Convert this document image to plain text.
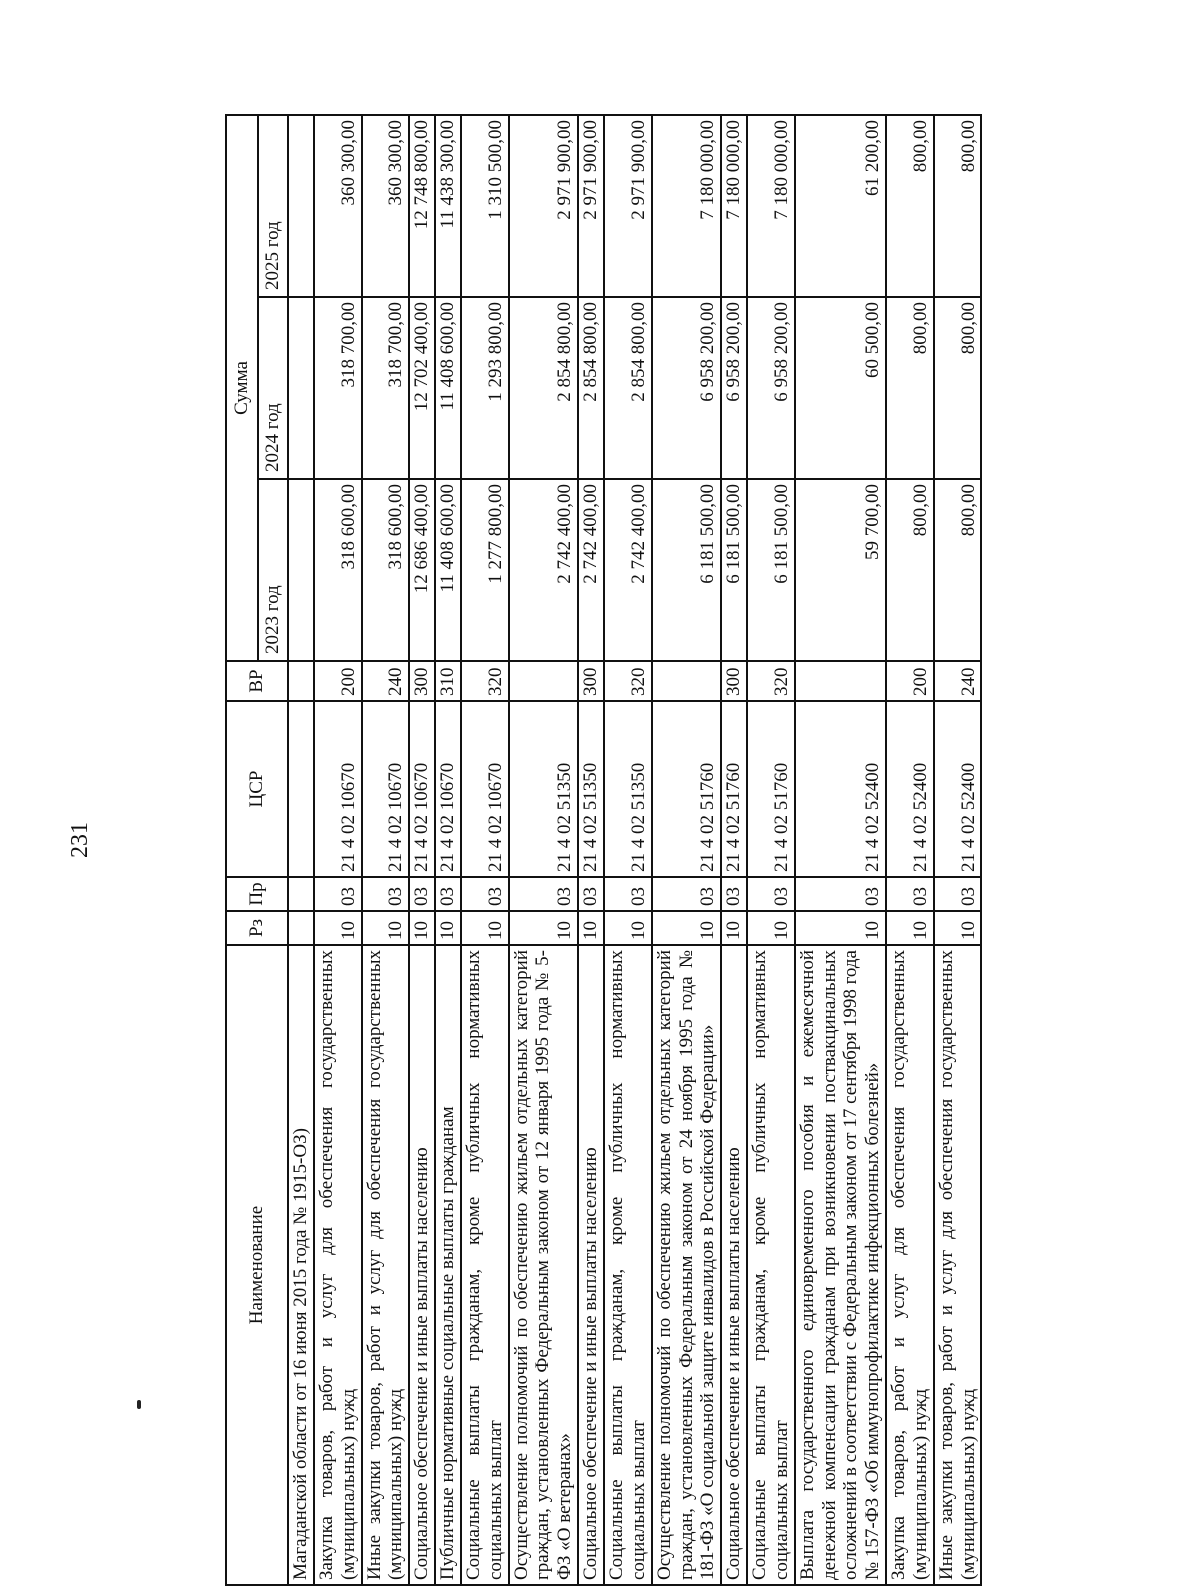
231
Наименование	Рз	Пр	ЦСР	ВР	Сумма		
					2023 год	2024 год	2025 год
Магаданской области от 16 июня 2015 года № 1915-ОЗ)							
Закупка товаров, работ и услуг для обеспечения государственных (муниципальных) нужд	10	03	21 4 02 10670	200	318 600,00	318 700,00	360 300,00
Иные закупки товаров, работ и услуг для обеспечения государственных (муниципальных) нужд	10	03	21 4 02 10670	240	318 600,00	318 700,00	360 300,00
Социальное обеспечение и иные выплаты населению	10	03	21 4 02 10670	300	12 686 400,00	12 702 400,00	12 748 800,00
Публичные нормативные социальные выплаты гражданам	10	03	21 4 02 10670	310	11 408 600,00	11 408 600,00	11 438 300,00
Социальные выплаты гражданам, кроме публичных нормативных социальных выплат	10	03	21 4 02 10670	320	1 277 800,00	1 293 800,00	1 310 500,00
Осуществление полномочий по обеспечению жильем отдельных категорий граждан, установленных Федеральным законом от 12 января 1995 года № 5-ФЗ «О ветеранах»	10	03	21 4 02 51350		2 742 400,00	2 854 800,00	2 971 900,00
Социальное обеспечение и иные выплаты населению	10	03	21 4 02 51350	300	2 742 400,00	2 854 800,00	2 971 900,00
Социальные выплаты гражданам, кроме публичных нормативных социальных выплат	10	03	21 4 02 51350	320	2 742 400,00	2 854 800,00	2 971 900,00
Осуществление полномочий по обеспечению жильем отдельных категорий граждан, установленных Федеральным законом от 24 ноября 1995 года № 181-ФЗ «О социальной защите инвалидов в Российской Федерации»	10	03	21 4 02 51760		6 181 500,00	6 958 200,00	7 180 000,00
Социальное обеспечение и иные выплаты населению	10	03	21 4 02 51760	300	6 181 500,00	6 958 200,00	7 180 000,00
Социальные выплаты гражданам, кроме публичных нормативных социальных выплат	10	03	21 4 02 51760	320	6 181 500,00	6 958 200,00	7 180 000,00
Выплата государственного единовременного пособия и ежемесячной денежной компенсации гражданам при возникновении поствакцинальных осложнений в соответствии с Федеральным законом от 17 сентября 1998 года № 157-ФЗ «Об иммунопрофилактике инфекционных болезней»	10	03	21 4 02 52400		59 700,00	60 500,00	61 200,00
Закупка товаров, работ и услуг для обеспечения государственных (муниципальных) нужд	10	03	21 4 02 52400	200	800,00	800,00	800,00
Иные закупки товаров, работ и услуг для обеспечения государственных (муниципальных) нужд	10	03	21 4 02 52400	240	800,00	800,00	800,00
